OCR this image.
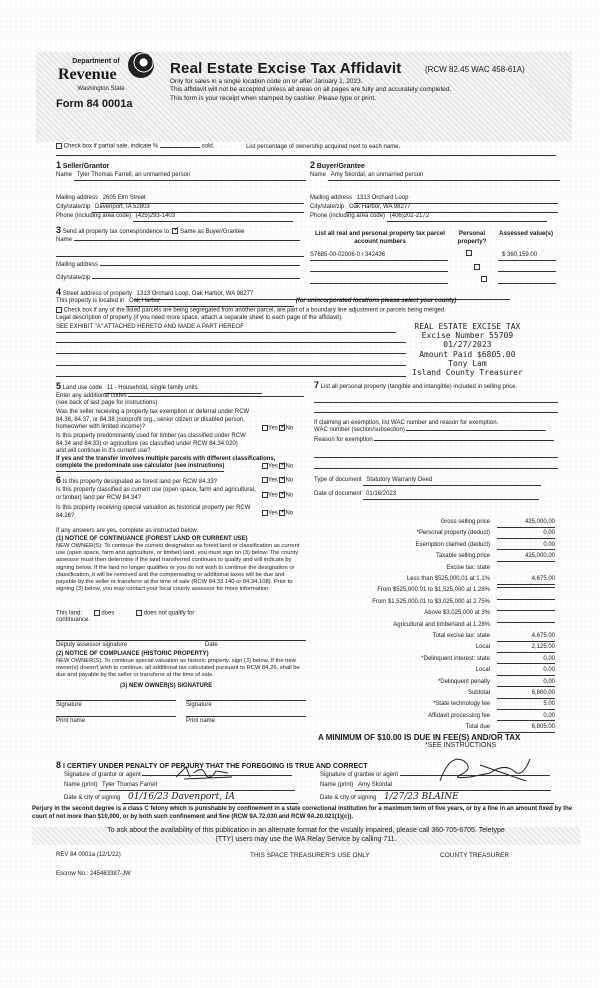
Department of
Revenue
Washington State
Form 84 0001a
Real Estate Excise Tax Affidavit	(RCW 82.45 WAC 458-61A)
Only for sales in a single location code on or after January 1, 2023.
This affidavit will not be accepted unless all areas on all pages are fully and accurately completed.
This form is your receipt when stamped by cashier. Please type or print.
Check box if partial sale, indicate %	sold.	List percentage of ownership acquired next to each name.
1 Seller/Grantor
Name Tyler Thomas Farrell, an unmarried person
Mailing address 2605 Elm Street
City/state/zip Davenport, IA 52803
Phone (including area code) (425)293-1403
2 Buyer/Grantee
Name Amy Skordal, an unmarried person
Mailing address 1313 Orchard Loop
City/state/zip Oak Harbor, WA 98277
Phone (including area code) (406)202-2172
3 Send all property tax correspondence to: ✓ Same as Buyer/Grantee
Name
Mailing address
City/state/zip
List all real and personal property tax parcel account numbers
Personal property?
Assessed value(s)
S7685-00-02006-0 / 342436
	$ 360,159.00

4 Street address of property 1313 Orchard Loop, Oak Harbor, WA 98277
This property is located in Oak Harbor	(for unincorporated locations please select your county)
Check box if any of the listed parcels are being segregated from another parcel, are part of a boundary line adjustment or parcels being merged.
Legal description of property (if you need more space, attach a separate sheet to each page of the affidavit).
SEE EXHIBIT "A" ATTACHED HERETO AND MADE A PART HEREOF	REAL ESTATE EXCISE TAX
Excise Number 55709
01/27/2023
Amount Paid $6805.00
Tony Lam
Island County Treasurer
5 Land use code 11 - Household, single family units
Enter any additional codes
(see back of last page for instructions)
Was the seller receiving a property tax exemption or deferral under RCW 84.36, 84.37, or 84.38 (nonprofit org., senior citizen or disabled person, homeowner with limited income)?	Yes ✓ No
Is this property predominantly used for timber (as classified under RCW 84.34 and 84.33) or agriculture (as classified under RCW 84.34.020) and will continue in it's current use?
If yes and the transfer involves multiple parcels with different classifications,
complete the predominate use calculator (see instructions)	Yes ✓ No
7 List all personal property (tangible and intangible) included in selling price.
If claiming an exemption, list WAC number and reason for exemption.
WAC number (section/subsection)
Reason for exemption
6 Is this property designated as forest land per RCW 84.33?	Yes ✓ No
Is this property classified as current use (open space, farm and agricultural, or timber) land per RCW 84.34?	Yes ✓ No
Is this property receiving special valuation as historical property per RCW 84.26?	Yes ✓ No
If any answers are yes, complete as instructed below.
(1) NOTICE OF CONTINUANCE (FOREST LAND OR CURRENT USE)
NEW OWNER(S): To continue the current designation as forest land or classification as current use (open space, farm and agriculture, or timber) land, you must sign on (3) below. The county assessor must then determine if the land transferred continues to qualify and will indicate by signing below. If the land no longer qualifies or you do not wish to continue the designation or classification, it will be removed and the compensating or additional taxes will be due and payable by the seller or transferor at the time of sale (RCW 84.33.140 or 84.34.108). Prior to signing (3) below, you may contact your local county assessor for more information.
This land:	does	does not qualify for
continuance.
Deputy assessor signature	Date
(2) NOTICE OF COMPLIANCE (HISTORIC PROPERTY)
NEW OWNER(S): To continue special valuation as historic property, sign (3) below. If the new owner(s) doesn't wish to continue, all additional tax calculated pursuant to RCW 84.26, shall be due and payable by the seller or transferor at the time of sale.
(3) NEW OWNER(S) SIGNATURE
Signature	Signature
Print name	Print name
Type of document Statutory Warranty Deed
Date of document 01/16/2023
Gross selling price	425,000.00
*Personal property (deduct)	0.00
Exemption claimed (deduct)	0.00
Taxable selling price	425,000.00
Excise tax: state
Less than $525,000.01 at 1.1%	4,675.00
From $525,000.01 to $1,525,000 at 1.28%
From $1,525,000.01 to $3,025,000 at 2.75%
Above $3,025,000 at 3%
Agricultural and timberland at 1.28%
Total excise tax: state	4,675.00
Local	2,125.00
*Delinquent interest: state	0.00
Local	0.00
*Delinquent penalty	0.00
Subtotal	6,800.00
*State technology fee	5.00
Affidavit processing fee	0.00
Total due	6,805.00
A MINIMUM OF $10.00 IS DUE IN FEE(S) AND/OR TAX
*SEE INSTRUCTIONS
8 I CERTIFY UNDER PENALTY OF PERJURY THAT THE FOREGOING IS TRUE AND CORRECT
Signature of grantor or agent
Name (print) Tyler Thomas Farrell
Date & city of signing 01/16/23 Davenport, IA
Signature of grantee or agent
Name (print) Amy Skordal
Date & city of signing 1/27/23 BLAINE
Perjury in the second degree is a class C felony which is punishable by confinement in a state correctional institution for a maximum term of five years, or by a fine in an amount fixed by the court of not more than $10,000, or by both such confinement and fine (RCW 9A.72.030 and RCW 9A.20.021(1)(c)).
To ask about the availability of this publication in an alternate format for the visually impaired, please call 360-705-6705. Teletype
(TTY) users may use the WA Relay Service by calling 711.
REV 84 0001a (12/1/22)	THIS SPACE TREASURER'S USE ONLY	COUNTY TREASURER
Escrow No.: 245463387-JW
